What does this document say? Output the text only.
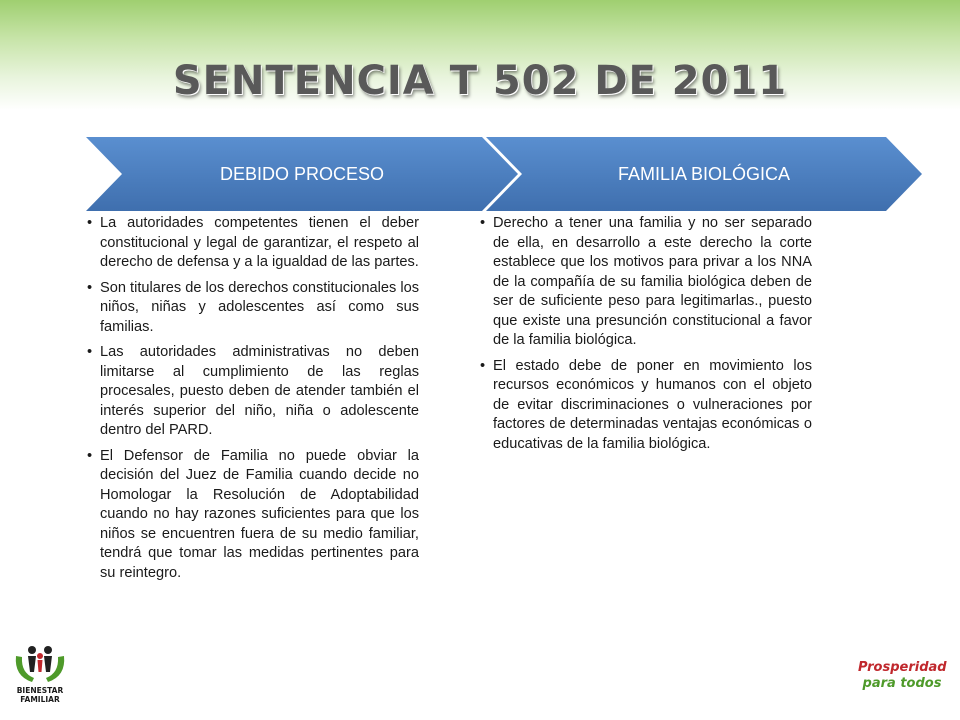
SENTENCIA T 502 DE 2011
DEBIDO PROCESO	FAMILIA BIOLÓGICA
• La autoridades competentes tienen el deber constitucional y legal de garantizar, el respeto al derecho de defensa y a la igualdad de las partes.
• Son titulares de los derechos constitucionales los niños, niñas y adolescentes así como sus familias.
• Las autoridades administrativas no deben limitarse al cumplimiento de las reglas procesales, puesto deben de atender también el interés superior del niño, niña o adolescente dentro del PARD.
• El Defensor de Familia no puede obviar la decisión del Juez de Familia cuando decide no Homologar la Resolución de Adoptabilidad cuando no hay razones suficientes para que los niños se encuentren fuera de su medio familiar, tendrá que tomar las medidas pertinentes para su reintegro.
• Derecho a tener una familia y no ser separado de ella, en desarrollo a este derecho la corte establece que los motivos para privar a los NNA de la compañía de su familia biológica deben de ser de suficiente peso para legitimarlas., puesto que existe una presunción constitucional a favor de la familia biológica.
• El estado debe de poner en movimiento los recursos económicos y humanos con el objeto de evitar discriminaciones o vulneraciones por factores de determinadas ventajas económicas o educativas de la familia biológica.
BIENESTAR
FAMILIAR
Prosperidad
para todos
